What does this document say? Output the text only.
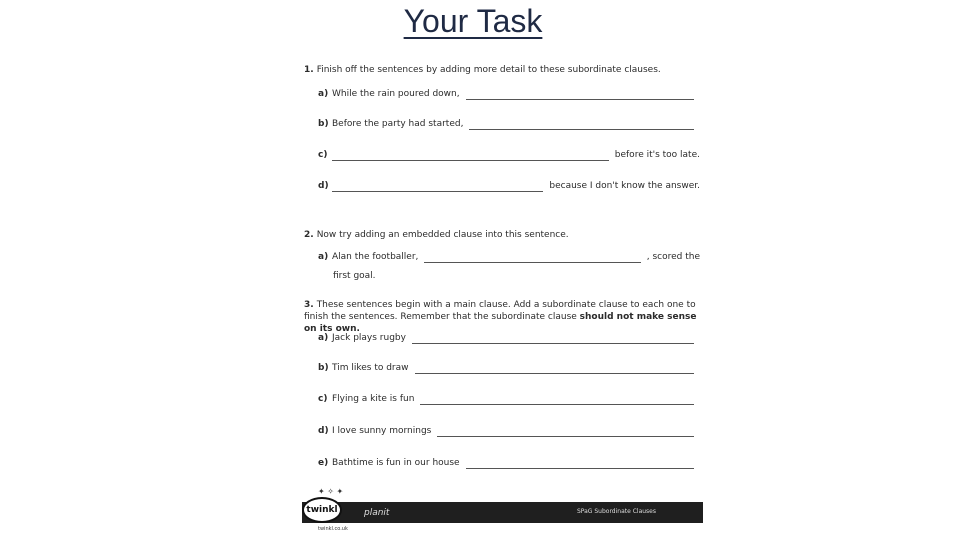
Your Task
1. Finish off the sentences by adding more detail to these subordinate clauses.
a) While the rain poured down,
b) Before the party had started,
c)	before it's too late.
d)	because I don't know the answer.
2. Now try adding an embedded clause into this sentence.
a) Alan the footballer,	, scored the
first goal.
3. These sentences begin with a main clause. Add a subordinate clause to each one to finish the sentences. Remember that the subordinate clause should not make sense on its own.
a) Jack plays rugby
b) Tim likes to draw
c) Flying a kite is fun
d) I love sunny mornings
e) Bathtime is fun in our house
✦ ✧ ✦
twinkl	planit	SPaG Subordinate Clauses
twinkl.co.uk
